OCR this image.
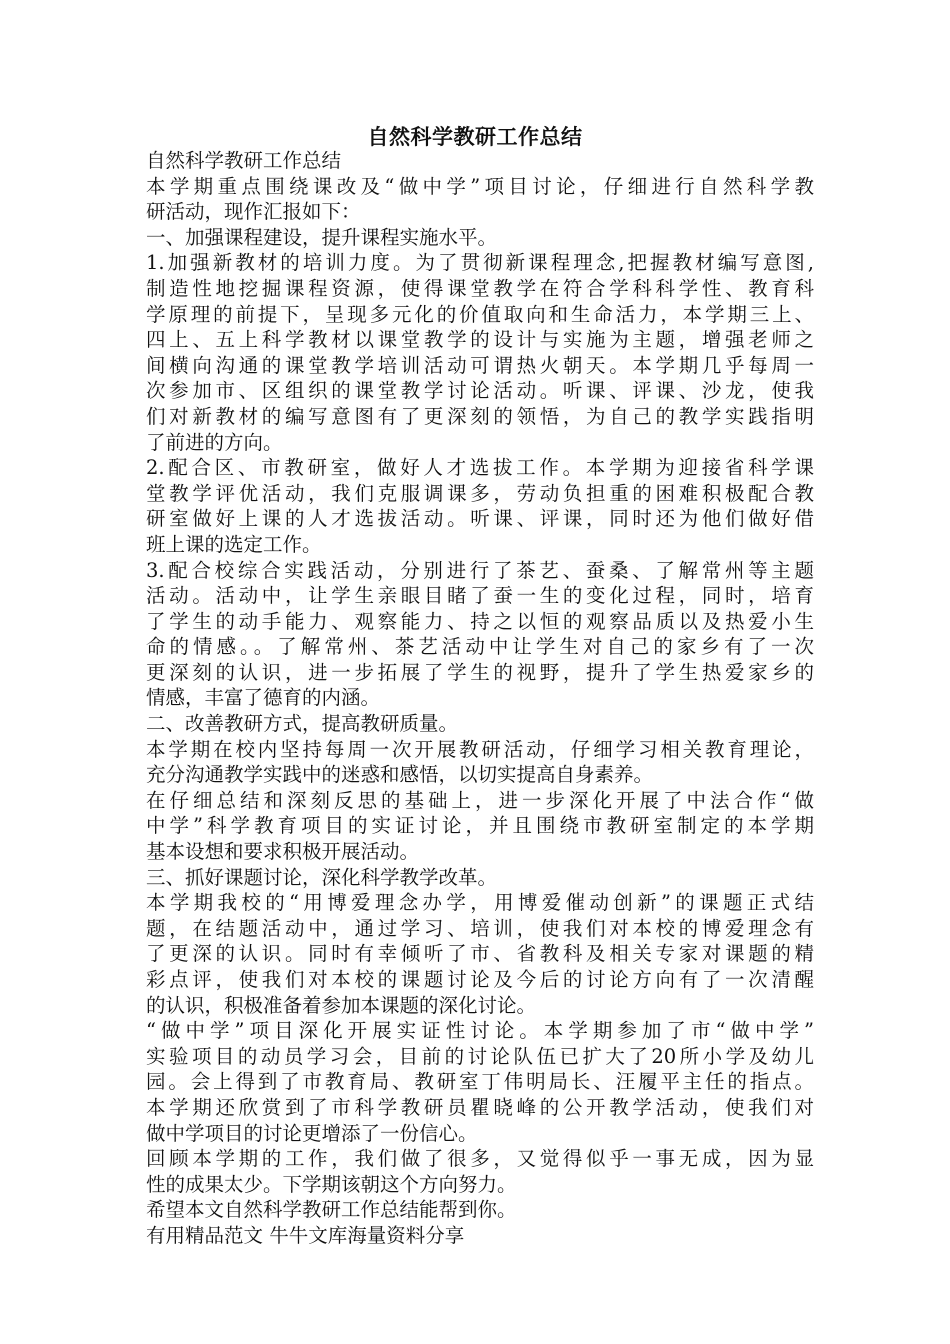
自然科学教研工作总结
自然科学教研工作总结
本学期重点围绕课改及“做中学”项目讨论，仔细进行自然科学教
研活动，现作汇报如下：
一、加强课程建设，提升课程实施水平。
1.加强新教材的培训力度。为了贯彻新课程理念,把握教材编写意图,
制造性地挖掘课程资源，使得课堂教学在符合学科科学性、教育科
学原理的前提下，呈现多元化的价值取向和生命活力，本学期三上、
四上、五上科学教材以课堂教学的设计与实施为主题，增强老师之
间横向沟通的课堂教学培训活动可谓热火朝天。本学期几乎每周一
次参加市、区组织的课堂教学讨论活动。听课、评课、沙龙，使我
们对新教材的编写意图有了更深刻的领悟，为自己的教学实践指明
了前进的方向。
2.配合区、市教研室，做好人才选拔工作。本学期为迎接省科学课
堂教学评优活动，我们克服调课多，劳动负担重的困难积极配合教
研室做好上课的人才选拔活动。听课、评课，同时还为他们做好借
班上课的选定工作。
3.配合校综合实践活动，分别进行了茶艺、蚕桑、了解常州等主题
活动。活动中，让学生亲眼目睹了蚕一生的变化过程，同时，培育
了学生的动手能力、观察能力、持之以恒的观察品质以及热爱小生
命的情感。。了解常州、茶艺活动中让学生对自己的家乡有了一次
更深刻的认识，进一步拓展了学生的视野，提升了学生热爱家乡的
情感，丰富了德育的内涵。
二、改善教研方式，提高教研质量。
本学期在校内坚持每周一次开展教研活动，仔细学习相关教育理论，
充分沟通教学实践中的迷惑和感悟，以切实提高自身素养。
在仔细总结和深刻反思的基础上，进一步深化开展了中法合作“做
中学”科学教育项目的实证讨论，并且围绕市教研室制定的本学期
基本设想和要求积极开展活动。
三、抓好课题讨论，深化科学教学改革。
本学期我校的“用博爱理念办学，用博爱催动创新”的课题正式结
题，在结题活动中，通过学习、培训，使我们对本校的博爱理念有
了更深的认识。同时有幸倾听了市、省教科及相关专家对课题的精
彩点评，使我们对本校的课题讨论及今后的讨论方向有了一次清醒
的认识，积极准备着参加本课题的深化讨论。
“做中学”项目深化开展实证性讨论。本学期参加了市“做中学”
实验项目的动员学习会，目前的讨论队伍已扩大了20所小学及幼儿
园。会上得到了市教育局、教研室丁伟明局长、汪履平主任的指点。
本学期还欣赏到了市科学教研员瞿晓峰的公开教学活动，使我们对
做中学项目的讨论更增添了一份信心。
回顾本学期的工作，我们做了很多，又觉得似乎一事无成，因为显
性的成果太少。下学期该朝这个方向努力。
希望本文自然科学教研工作总结能帮到你。
有用精品范文 牛牛文库海量资料分享
